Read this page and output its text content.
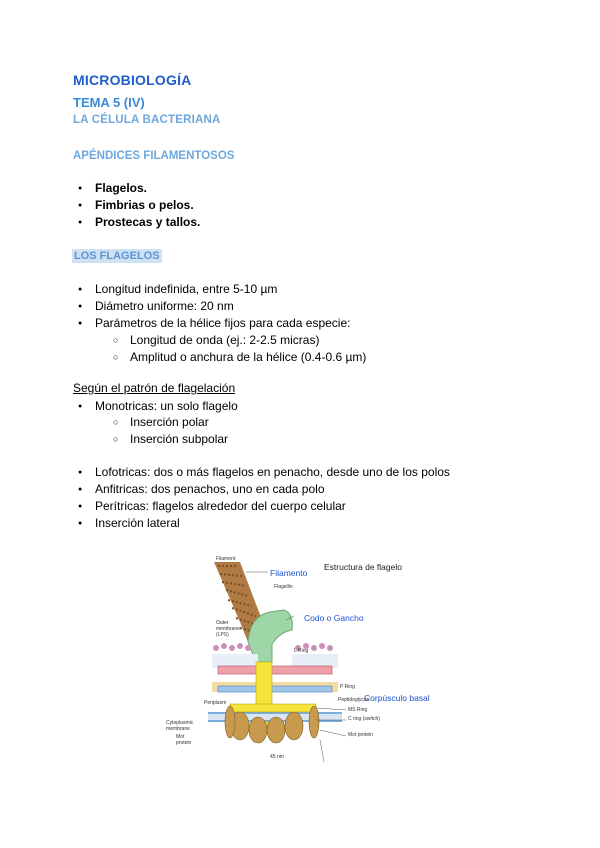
MICROBIOLOGÍA
TEMA 5 (IV)
LA CÉLULA BACTERIANA
APÉNDICES FILAMENTOSOS
● Flagelos.
● Fimbrias o pelos.
● Prostecas y tallos.
LOS FLAGELOS
● Longitud indefinida, entre 5-10 µm
● Diámetro uniforme: 20 nm
● Parámetros de la hélice fijos para cada especie:
○ Longitud de onda (ej.: 2-2.5 micras)
○ Amplitud o anchura de la hélice (0.4-0.6 µm)
Según el patrón de flagelación
● Monotricas: un solo flagelo
○ Inserción polar
○ Inserción subpolar
● Lofotricas: dos o más flagelos en penacho, desde uno de los polos
● Anfitricas: dos penachos, uno en cada polo
● Perítricas: flagelos alrededor del cuerpo celular
● Inserción lateral
Estructura de flagelo
Filamento
Codo o Gancho
Corpúsculo basal
Filament
Flagellin
Outer membrane (LPS)
L Ring
P Ring
Peptidoglycan
Periplasm
MS Ring
C ring (switch)
Mot protein
Cytoplasmic membrane
Mot protein
45 nm
